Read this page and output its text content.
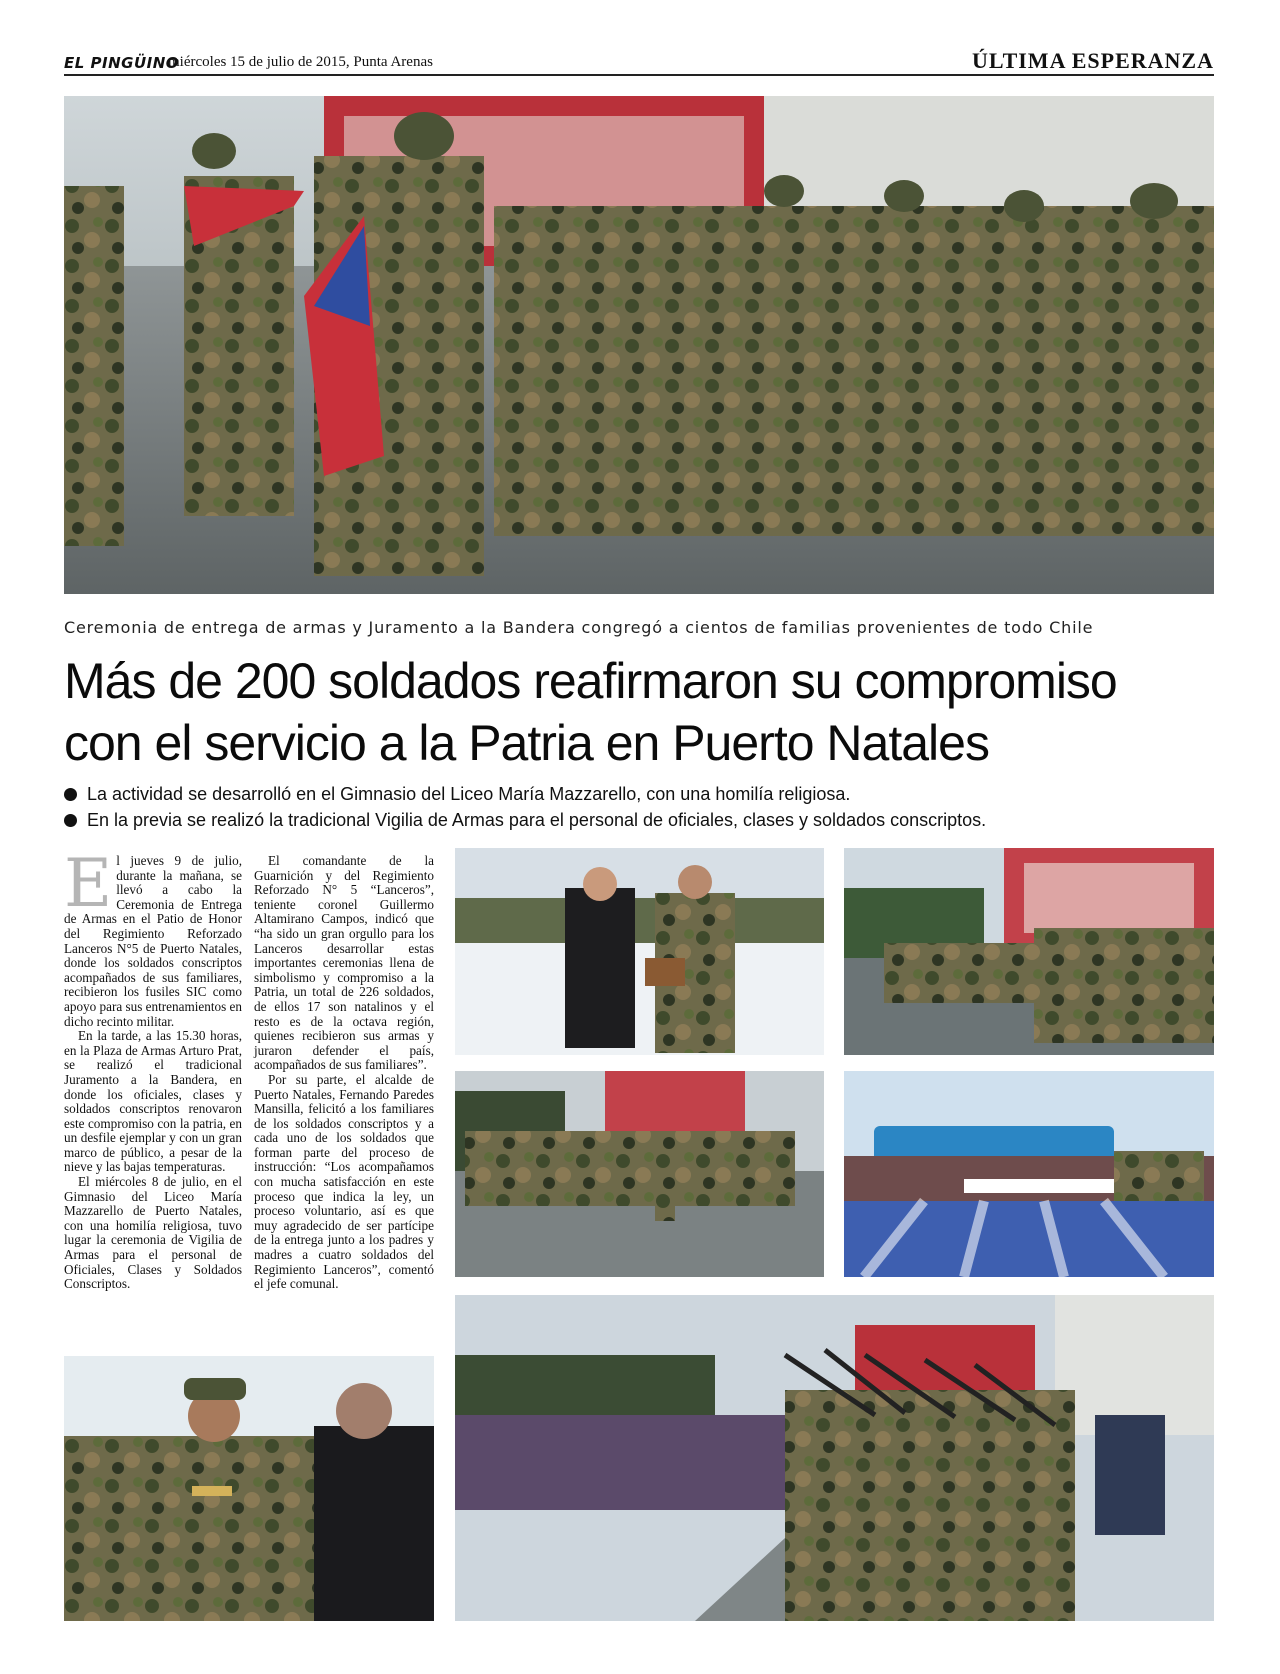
EL PINGÜINO
miércoles 15 de julio de 2015, Punta Arenas	ÚLTIMA ESPERANZA
Ceremonia de entrega de armas y Juramento a la Bandera congregó a cientos de familias provenientes de todo Chile
Más de 200 soldados reafirmaron su compromiso
con el servicio a la Patria en Puerto Natales
La actividad se desarrolló en el Gimnasio del Liceo María Mazzarello, con una homilía religiosa.
En la previa se realizó la tradicional Vigilia de Armas para el personal de oficiales, clases y soldados conscriptos.

El jueves 9 de julio, durante la mañana, se llevó a cabo la Ceremonia de Entrega de Armas en el Patio de Honor del Regimiento Reforzado Lanceros N°5 de Puerto Natales, donde los soldados conscriptos acompañados de sus familiares, recibieron los fusiles SIC como apoyo para sus entrenamientos en dicho recinto militar.

En la tarde, a las 15.30 horas, en la Plaza de Armas Arturo Prat, se realizó el tradicional Juramento a la Bandera, en donde los oficiales, clases y soldados conscriptos renovaron este compromiso con la patria, en un desfile ejemplar y con un gran marco de público, a pesar de la nieve y las bajas temperaturas.

El miércoles 8 de julio, en el Gimnasio del Liceo María Mazzarello de Puerto Natales, con una homilía religiosa, tuvo lugar la ceremonia de Vigilia de Armas para el personal de Oficiales, Clases y Soldados Conscriptos.

El comandante de la Guarnición y del Regimiento Reforzado N° 5 “Lanceros”, teniente coronel Guillermo Altamirano Campos, indicó que “ha sido un gran orgullo para los Lanceros desarrollar estas importantes ceremonias llena de simbolismo y compromiso a la Patria, un total de 226 soldados, de ellos 17 son natalinos y el resto es de la octava región, quienes recibieron sus armas y juraron defender el país, acompañados de sus familiares”.

Por su parte, el alcalde de Puerto Natales, Fernando Paredes Mansilla, felicitó a los familiares de los soldados conscriptos y a cada uno de los soldados que forman parte del proceso de instrucción: “Los acompañamos con mucha satisfacción en este proceso que indica la ley, un proceso voluntario, así es que muy agradecido de ser partícipe de la entrega junto a los padres y madres a cuatro soldados del Regimiento Lanceros”, comentó el jefe comunal.
